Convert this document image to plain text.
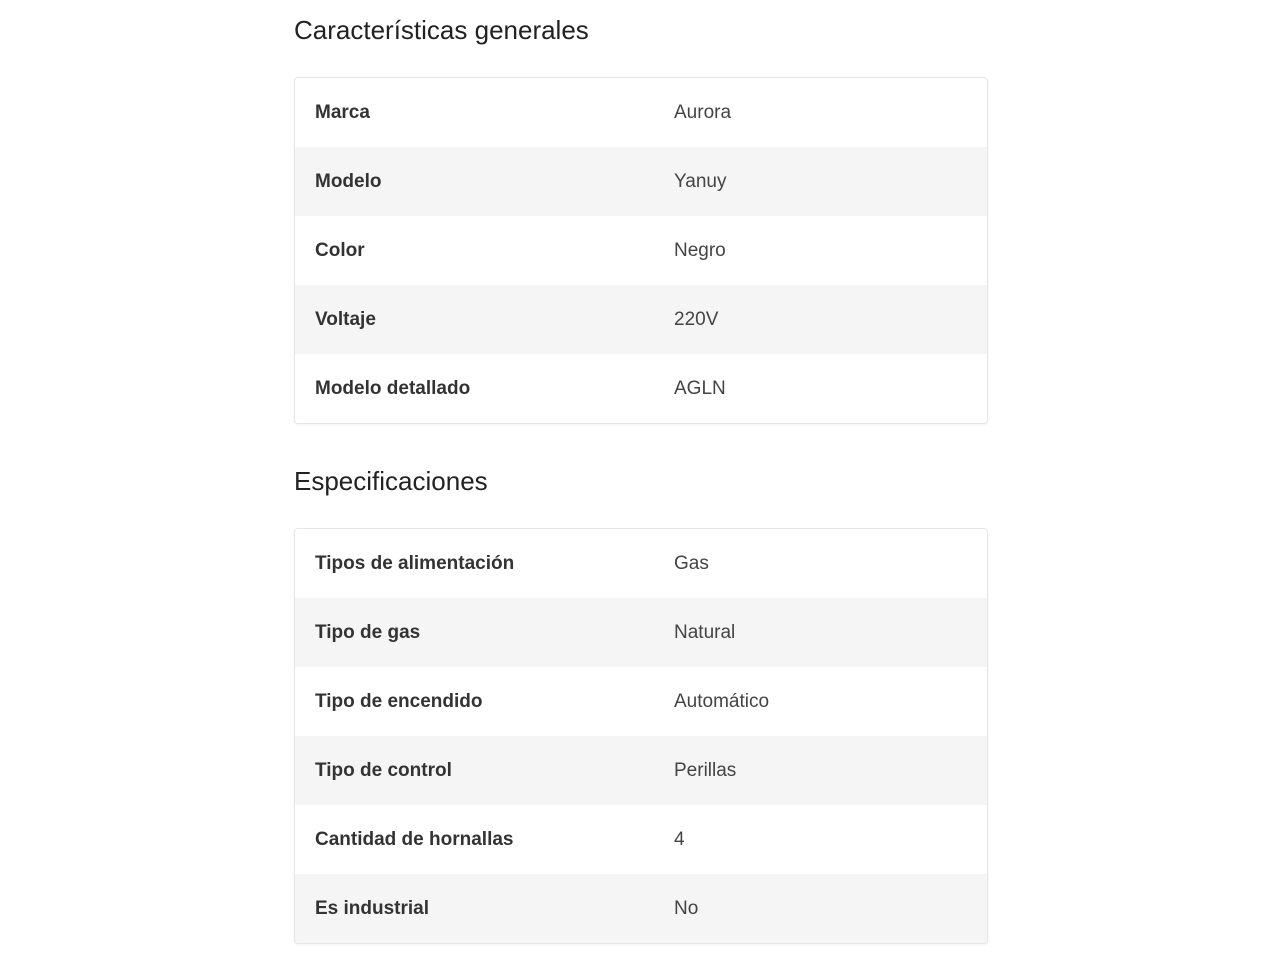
Características generales
Marca	Aurora
Modelo	Yanuy
Color	Negro
Voltaje	220V
Modelo detallado	AGLN
Especificaciones
Tipos de alimentación	Gas
Tipo de gas	Natural
Tipo de encendido	Automático
Tipo de control	Perillas
Cantidad de hornallas	4
Es industrial	No
